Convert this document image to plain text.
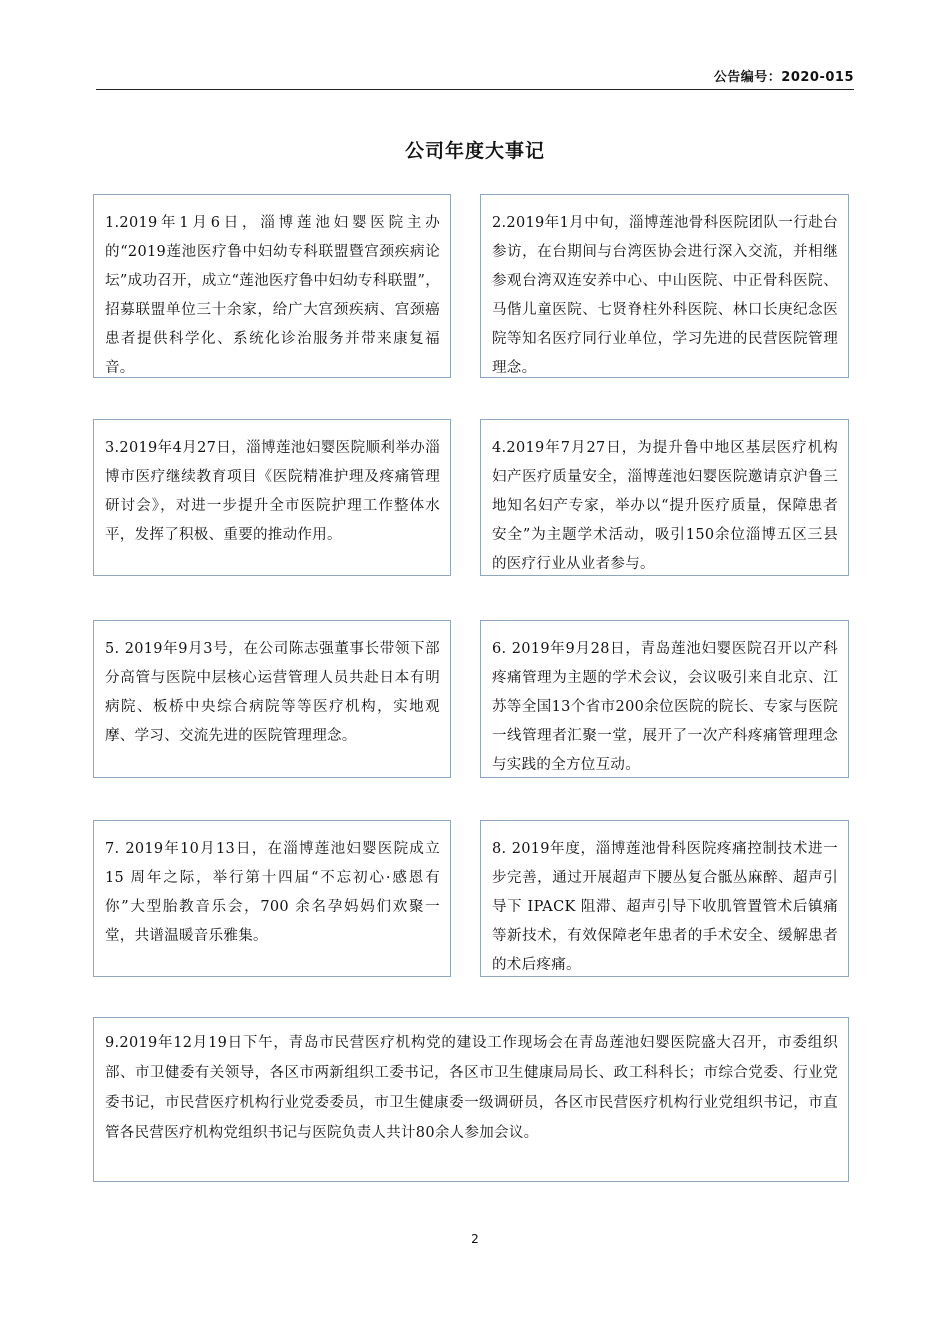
公告编号：2020-015
公司年度大事记
1.2019年1月6日，淄博莲池妇婴医院主办的“2019莲池医疗鲁中妇幼专科联盟暨宫颈疾病论坛”成功召开，成立“莲池医疗鲁中妇幼专科联盟”，招募联盟单位三十余家，给广大宫颈疾病、宫颈癌患者提供科学化、系统化诊治服务并带来康复福音。
2.2019年1月中旬，淄博莲池骨科医院团队一行赴台参访，在台期间与台湾医协会进行深入交流，并相继参观台湾双连安养中心、中山医院、中正骨科医院、马偕儿童医院、七贤脊柱外科医院、林口长庚纪念医院等知名医疗同行业单位，学习先进的民营医院管理理念。
3.2019年4月27日，淄博莲池妇婴医院顺利举办淄博市医疗继续教育项目《医院精准护理及疼痛管理研讨会》，对进一步提升全市医院护理工作整体水平，发挥了积极、重要的推动作用。
4.2019年7月27日，为提升鲁中地区基层医疗机构妇产医疗质量安全，淄博莲池妇婴医院邀请京沪鲁三地知名妇产专家，举办以“提升医疗质量，保障患者安全”为主题学术活动，吸引150余位淄博五区三县的医疗行业从业者参与。
5. 2019年9月3号，在公司陈志强董事长带领下部分高管与医院中层核心运营管理人员共赴日本有明病院、板桥中央综合病院等等医疗机构，实地观摩、学习、交流先进的医院管理理念。
6. 2019年9月28日，青岛莲池妇婴医院召开以产科疼痛管理为主题的学术会议，会议吸引来自北京、江苏等全国13个省市200余位医院的院长、专家与医院一线管理者汇聚一堂，展开了一次产科疼痛管理理念与实践的全方位互动。
7. 2019年10月13日，在淄博莲池妇婴医院成立 15 周年之际，举行第十四届“不忘初心·感恩有你”大型胎教音乐会，700 余名孕妈妈们欢聚一堂，共谱温暖音乐雅集。
8. 2019年度，淄博莲池骨科医院疼痛控制技术进一步完善，通过开展超声下腰丛复合骶丛麻醉、超声引导下 IPACK 阻滞、超声引导下收肌管置管术后镇痛等新技术，有效保障老年患者的手术安全、缓解患者的术后疼痛。
9.2019年12月19日下午，青岛市民营医疗机构党的建设工作现场会在青岛莲池妇婴医院盛大召开，市委组织部、市卫健委有关领导，各区市两新组织工委书记，各区市卫生健康局局长、政工科科长；市综合党委、行业党委书记，市民营医疗机构行业党委委员，市卫生健康委一级调研员，各区市民营医疗机构行业党组织书记，市直管各民营医疗机构党组织书记与医院负责人共计80余人参加会议。
2
